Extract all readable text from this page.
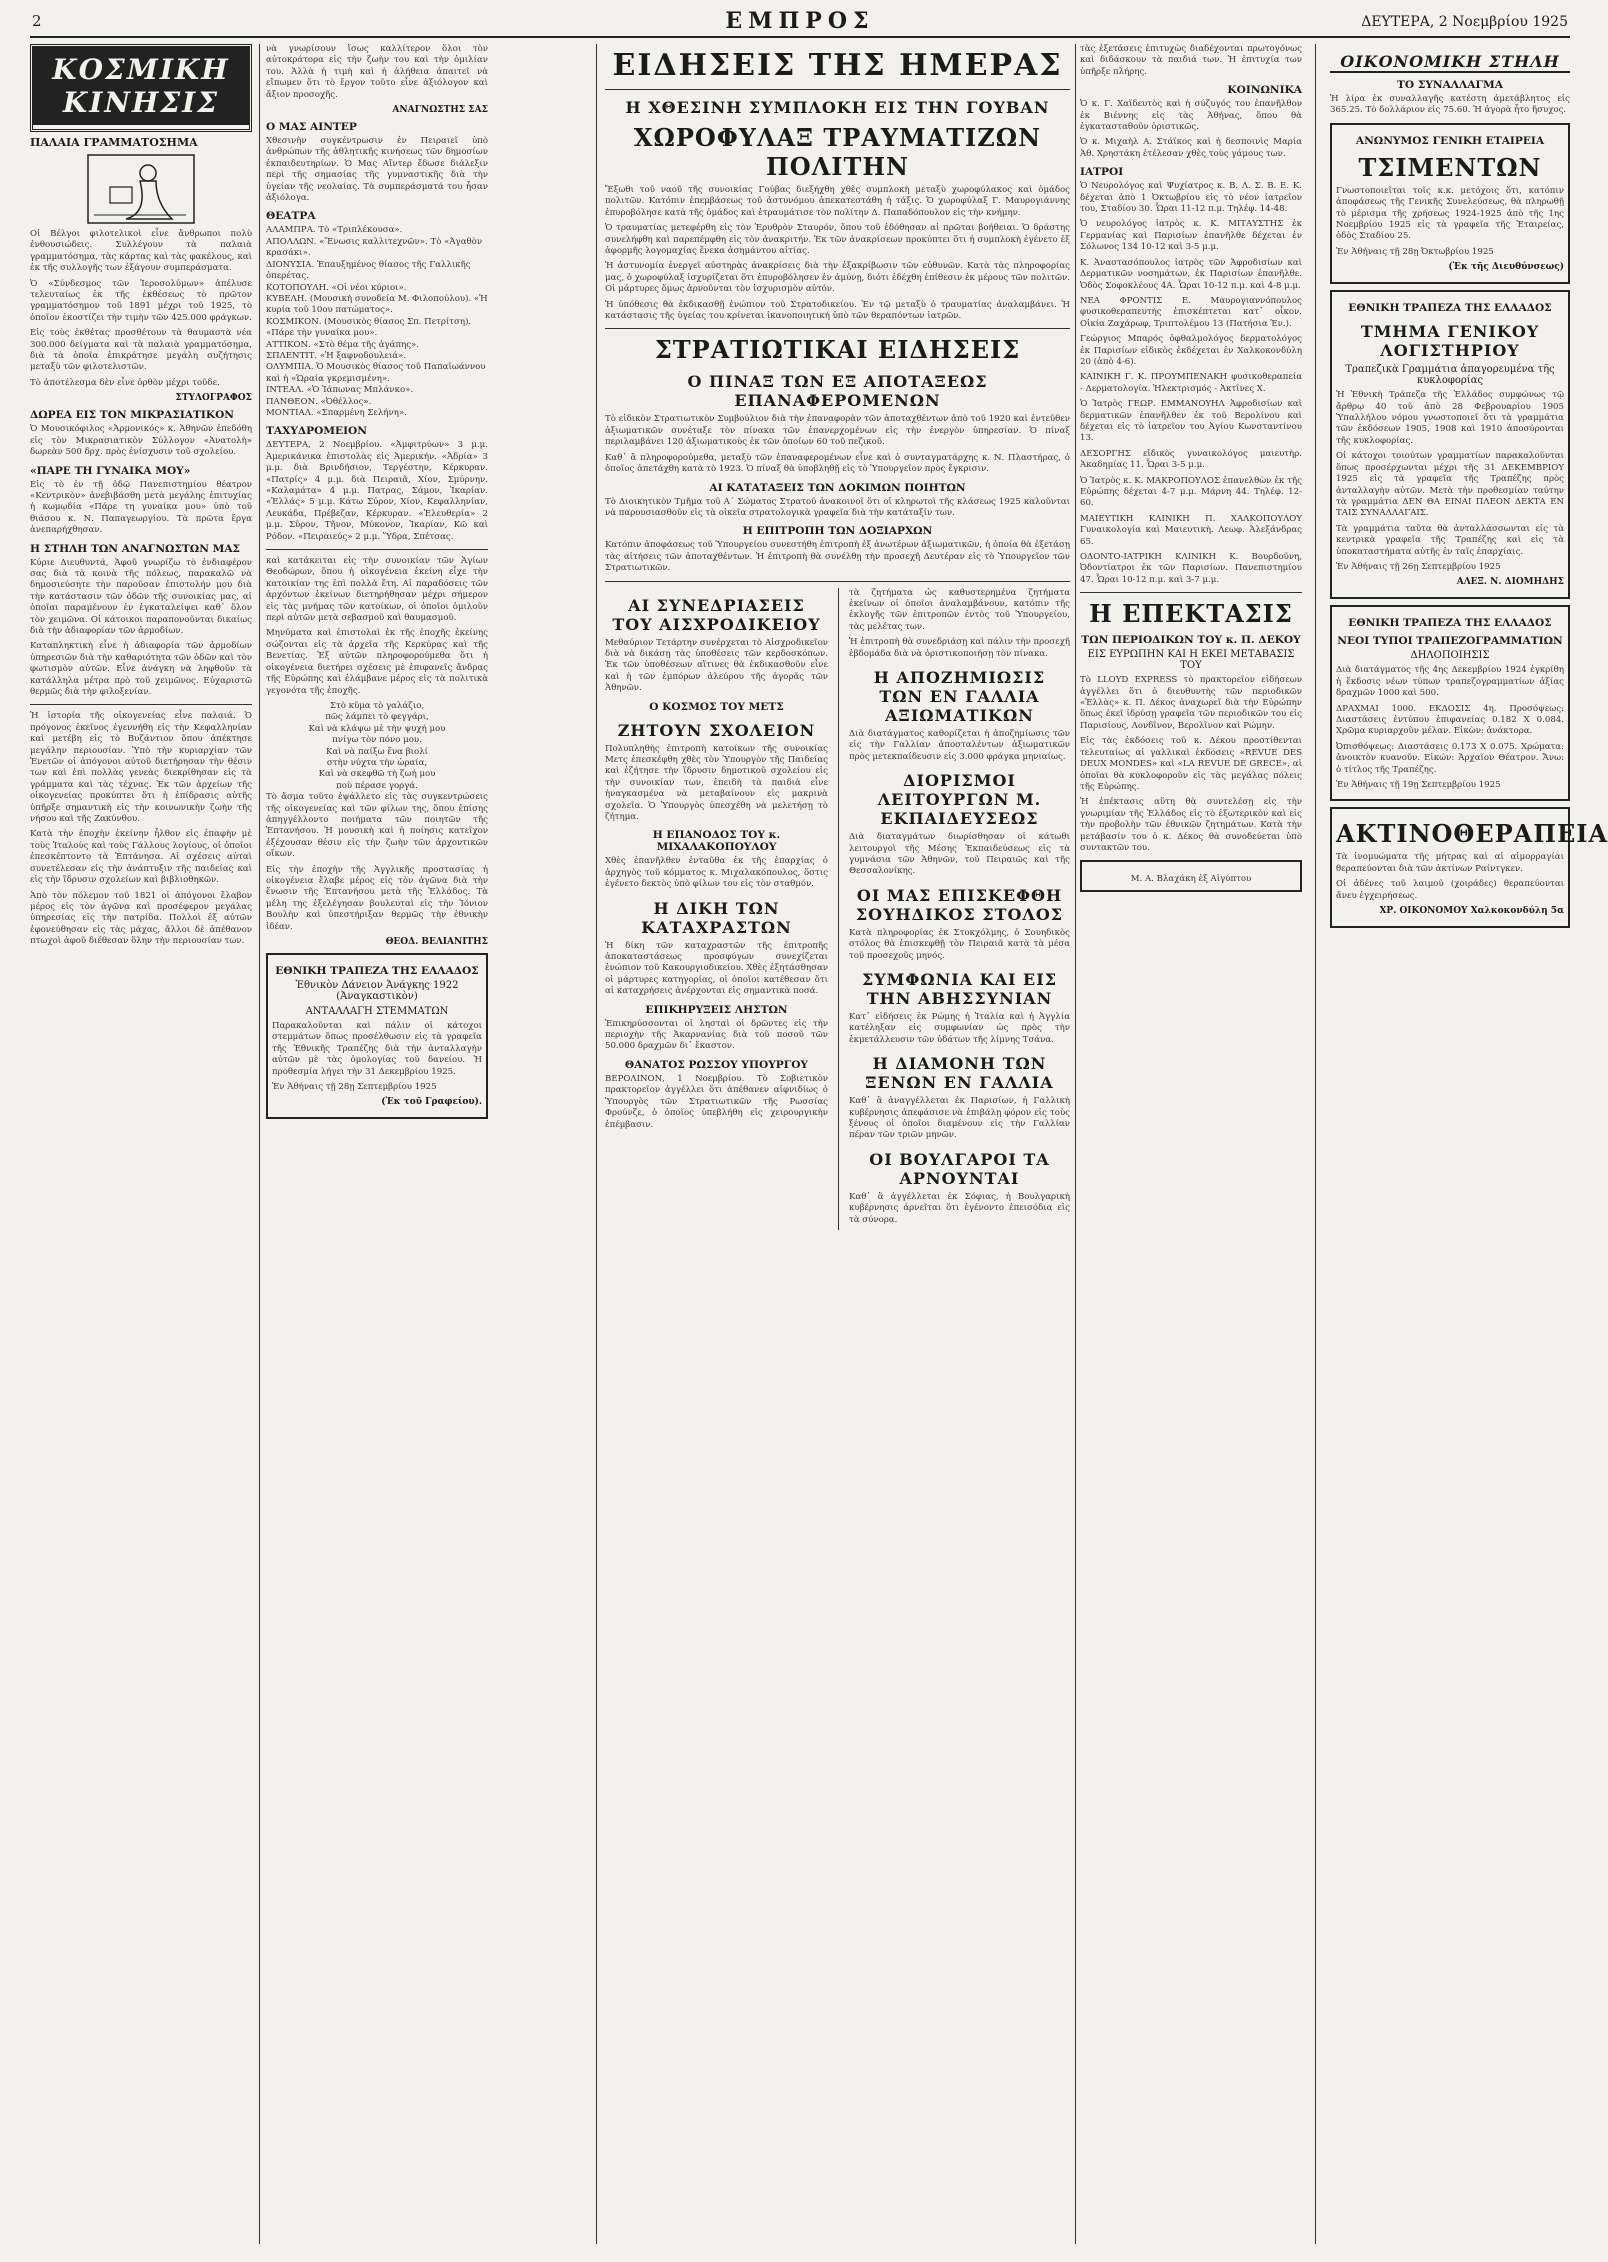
2	ΕΜΠΡΟΣ	ΔΕΥΤΕΡΑ, 2 Νοεμβρίου 1925
ΚΟΣΜΙΚΗ ΚΙΝΗΣΙΣ
ΠΑΛΑΙΑ ΓΡΑΜΜΑΤΟΣΗΜΑ

Οἱ Βέλγοι φιλοτελικοὶ εἶνε ἄνθρωποι πολὺ ἐνθουσιώδεις. Συλλέγουν τὰ παλαιὰ γραμματόσημα, τὰς κάρτας καὶ τὰς φακέλους, καὶ ἐκ τῆς συλλογῆς των ἐξάγουν συμπεράσματα.

Ὁ «Σύνδεσμος τῶν Ἱεροσολύμων» ἀπέλυσε τελευταίως ἐκ τῆς ἐκθέσεως τὸ πρῶτον γραμματόσημον τοῦ 1891 μέχρι τοῦ 1925, τὸ ὁποῖον ἐκοστίζει τὴν τιμὴν τῶν 425.000 φράγκων.

Εἰς τοὺς ἐκθέτας προσθέτουν τὰ θαυμαστὰ νέα 300.000 δείγματα καὶ τὰ παλαιὰ γραμματόσημα, διὰ τὰ ὁποῖα ἐπικράτησε μεγάλη συζήτησις μεταξὺ τῶν φιλοτελιστῶν.

Τὸ ἀποτέλεσμα δὲν εἶνε ὀρθὸν μέχρι τοῦδε.

ΣΤΥΛΟΓΡΑΦΟΣ
ΔΩΡΕΑ ΕΙΣ ΤΟΝ ΜΙΚΡΑΣΙΑΤΙΚΟΝ

Ὁ Μουσικόφιλος «Ἀρμονικός» κ. Ἀθηνῶν ἐπεδόθη εἰς τὸν Μικρασιατικὸν Σύλλογον «Ἀνατολὴ» δωρεὰν 500 δρχ. πρὸς ἐνίσχυσιν τοῦ σχολείου.

«ΠΑΡΕ ΤΗ ΓΥΝΑΙΚΑ ΜΟΥ»

Εἰς τὸ ἐν τῇ ὁδῷ Πανεπιστημίου θέατρον «Κεντρικὸν» ἀνεβιβάσθη μετὰ μεγάλης ἐπιτυχίας ἡ κωμῳδία «Πάρε τη γυναίκα μου» ὑπὸ τοῦ θιάσου κ. Ν. Παπαγεωργίου. Τὰ πρῶτα ἔργα ἀνεπαρήχθησαν.

Η ΣΤΗΛΗ ΤΩΝ ΑΝΑΓΝΩΣΤΩΝ ΜΑΣ

Κύριε Διευθυντά, Ἀφοῦ γνωρίζω τὸ ἐνδιαφέρον σας διὰ τὰ κοινὰ τῆς πόλεως, παρακαλῶ νὰ δημοσιεύσητε τὴν παροῦσαν ἐπιστολήν μου διὰ τὴν κατάστασιν τῶν ὁδῶν τῆς συνοικίας μας, αἱ ὁποῖαι παραμένουν ἐν ἐγκαταλείψει καθ᾽ ὅλον τὸν χειμῶνα. Οἱ κάτοικοι παραπονοῦνται δικαίως διὰ τὴν ἀδιαφορίαν τῶν ἁρμοδίων.

Καταπληκτικὴ εἶνε ἡ ἀδιαφορία τῶν ἀρμοδίων ὑπηρεσιῶν διὰ τὴν καθαριότητα τῶν ὁδῶν καὶ τὸν φωτισμὸν αὐτῶν. Εἶνε ἀνάγκη νὰ ληφθοῦν τὰ κατάλληλα μέτρα πρὸ τοῦ χειμῶνος. Εὐχαριστῶ θερμῶς διὰ τὴν φιλοξενίαν.

Ἡ ἱστορία τῆς οἰκογενείας εἶνε παλαιά. Ὁ πρόγονος ἐκεῖνος ἐγεννήθη εἰς τὴν Κεφαλληνίαν καὶ μετέβη εἰς τὸ Βυζάντιον ὅπου ἀπέκτησε μεγάλην περιουσίαν. Ὑπὸ τὴν κυριαρχίαν τῶν Ἑνετῶν οἱ ἀπόγονοι αὐτοῦ διετήρησαν τὴν θέσιν των καὶ ἐπὶ πολλὰς γενεὰς διεκρίθησαν εἰς τὰ γράμματα καὶ τὰς τέχνας. Ἐκ τῶν ἀρχείων τῆς οἰκογενείας προκύπτει ὅτι ἡ ἐπίδρασις αὐτῆς ὑπῆρξε σημαντικὴ εἰς τὴν κοινωνικὴν ζωὴν τῆς νήσου καὶ τῆς Ζακύνθου.

Κατὰ τὴν ἐποχὴν ἐκείνην ἦλθον εἰς ἐπαφὴν μὲ τοὺς Ἰταλοὺς καὶ τοὺς Γάλλους λογίους, οἱ ὁποῖοι ἐπεσκέπτοντο τὰ Ἑπτάνησα. Αἱ σχέσεις αὐταὶ συνετέλεσαν εἰς τὴν ἀνάπτυξιν τῆς παιδείας καὶ εἰς τὴν ἵδρυσιν σχολείων καὶ βιβλιοθηκῶν.

Ἀπὸ τὸν πόλεμον τοῦ 1821 οἱ ἀπόγονοι ἔλαβον μέρος εἰς τὸν ἀγῶνα καὶ προσέφερον μεγάλας ὑπηρεσίας εἰς τὴν πατρίδα. Πολλοὶ ἐξ αὐτῶν ἐφονεύθησαν εἰς τὰς μάχας, ἄλλοι δὲ ἀπέθανον πτωχοὶ ἀφοῦ διέθεσαν ὅλην τὴν περιουσίαν των.

νὰ γνωρίσουν ἴσως καλλίτερον ὅλοι τὸν αὐτοκράτορα εἰς τὴν ζωὴν του καὶ τὴν ὁμιλίαν του. Ἀλλὰ ἡ τιμὴ καὶ ἡ ἀλήθεια ἀπαιτεῖ νὰ εἴπωμεν ὅτι τὸ ἔργον τοῦτο εἶνε ἀξιόλογον καὶ ἄξιον προσοχῆς.

ΑΝΑΓΝΩΣΤΗΣ ΣΑΣ
Ο ΜΑΣ ΑΙΝΤΕΡ

Χθεσινὴν συγκέντρωσιν ἐν Πειραιεῖ ὑπὸ ἀνθρώπων τῆς ἀθλητικῆς κινήσεως τῶν δημοσίων ἐκπαιδευτηρίων. Ὁ Μας Αἴντερ ἔδωσε διάλεξιν περὶ τῆς σημασίας τῆς γυμναστικῆς διὰ τὴν ὑγείαν τῆς νεολαίας. Τὰ συμπεράσματά του ἦσαν ἀξιόλογα.

ΘΕΑΤΡΑ

ΑΛΑΜΠΡΑ. Τὸ «Τριπλέκουσα».

ΑΠΟΛΛΩΝ. «Ἕνωσις καλλιτεχνῶν». Τὸ «Ἀγαθὸν κρασάκι».

ΔΙΟΝΥΣΙΑ. Ἐπαυξημένος θίασος τῆς Γαλλικῆς ὀπερέτας.

ΚΟΤΟΠΟΥΛΗ. «Οἱ νέοι κύριοι».

ΚΥΒΕΛΗ. (Μουσικὴ συνοδεία Μ. Φιλοπούλου). «Ἡ κυρία τοῦ 10ου πατώματος».

ΚΟΣΜΙΚΟΝ. (Μουσικὸς θίασος Σπ. Πετρίτση). «Πάρε τὴν γυναίκα μου».

ΑΤΤΙΚΟΝ. «Στὸ θέμα τῆς ἀγάπης».

ΣΠΛΕΝΤΙΤ. «Ἡ ξαφνοδουλειά».

ΟΛΥΜΠΙΑ. Ὁ Μουσικὸς θίασος τοῦ Παπαϊωάννου καὶ ἡ «Ὡραία γκρεμισμένη».

ΙΝΤΕΑΛ. «Ὁ Ἰάπωνας Μπλάνκο».

ΠΑΝΘΕΟΝ. «Ὀθέλλος».

ΜΟΝΤΙΑΛ. «Σπαρμένη Σελήνη».

ΤΑΧΥΔΡΟΜΕΙΟΝ

ΔΕΥΤΕΡΑ, 2 Νοεμβρίου. «Ἀμφιτρύων» 3 μ.μ. Ἀμερικάνικα ἐπιστολὰς εἰς Ἀμερικήν. «Ἀδρία» 3 μ.μ. διὰ Βρινδήσιον, Τεργέστην, Κέρκυραν. «Πατρίς» 4 μ.μ. διὰ Πειραιᾶ, Χίον, Σμύρνην. «Καλαμάτα» 4 μ.μ. Πατρας, Σάμον, Ἰκαρίαν. «Ἑλλάς» 5 μ.μ. Κάτω Σύρον, Χίον, Κεφαλληνίαν, Λευκάδα, Πρέβεζαν, Κέρκυραν. «Ἐλευθερία» 2 μ.μ. Σῦρον, Τῆνον, Μύκονον, Ἰκαρίαν, Κῶ καὶ Ρόδον. «Πειραιεύς» 2 μ.μ. Ὕδρα, Σπέτσας.

καὶ κατάκειται εἰς τὴν συνοικίαν τῶν Ἀγίων Θεοδώρων, ὅπου ἡ οἰκογένεια ἐκείνη εἶχε τὴν κατοικίαν της ἐπὶ πολλὰ ἔτη. Αἱ παραδόσεις τῶν ἀρχόντων ἐκείνων διετηρήθησαν μέχρι σήμερον εἰς τὰς μνήμας τῶν κατοίκων, οἱ ὁποῖοι ὁμιλοῦν περὶ αὐτῶν μετὰ σεβασμοῦ καὶ θαυμασμοῦ.

Μηνύματα καὶ ἐπιστολαὶ ἐκ τῆς ἐποχῆς ἐκείνης σώζονται εἰς τὰ ἀρχεῖα τῆς Κερκύρας καὶ τῆς Βενετίας. Ἐξ αὐτῶν πληροφορούμεθα ὅτι ἡ οἰκογένεια διετήρει σχέσεις μὲ ἐπιφανεῖς ἄνδρας τῆς Εὐρώπης καὶ ἐλάμβανε μέρος εἰς τὰ πολιτικὰ γεγονότα τῆς ἐποχῆς.

Στὸ κῦμα τὸ γαλάζιο,

πῶς λάμπει τὸ φεγγάρι,

Καὶ νὰ κλάψω μὲ τὴν ψυχή μου

πνίγω τὸν πόνο μου.

Καὶ νὰ παίξω ἕνα βιολί

στὴν νύχτα τὴν ὡραία,

Καὶ νὰ σκεφθῶ τὴ ζωή μου

ποὺ πέρασε γοργά.

Τὸ ἄσμα τοῦτο ἐψάλλετο εἰς τὰς συγκεντρώσεις τῆς οἰκογενείας καὶ τῶν φίλων της, ὅπου ἐπίσης ἀπηγγέλλοντο ποιήματα τῶν ποιητῶν τῆς Ἑπτανήσου. Ἡ μουσικὴ καὶ ἡ ποίησις κατεῖχον ἐξέχουσαν θέσιν εἰς τὴν ζωὴν τῶν ἀρχοντικῶν οἴκων.

Εἰς τὴν ἐποχὴν τῆς Ἀγγλικῆς προστασίας ἡ οἰκογένεια ἔλαβε μέρος εἰς τὸν ἀγῶνα διὰ τὴν ἕνωσιν τῆς Ἑπτανήσου μετὰ τῆς Ἑλλάδος. Τὰ μέλη της ἐξελέγησαν βουλευταὶ εἰς τὴν Ἰόνιον Βουλὴν καὶ ὑπεστήριξαν θερμῶς τὴν ἐθνικὴν ἰδέαν.

ΘΕΟΔ. ΒΕΛΙΑΝΙΤΗΣ
ΕΘΝΙΚΗ ΤΡΑΠΕΖΑ ΤΗΣ ΕΛΛΑΔΟΣ
Ἐθνικὸν Δάνειον Ἀνάγκης 1922 (Ἀναγκαστικὸν)
ΑΝΤΑΛΛΑΓΗ ΣΤΕΜΜΑΤΩΝ

Παρακαλοῦνται καὶ πάλιν οἱ κάτοχοι στεμμάτων ὅπως προσέλθωσιν εἰς τὰ γραφεῖα τῆς Ἐθνικῆς Τραπέζης διὰ τὴν ἀνταλλαγὴν αὐτῶν μὲ τὰς ὁμολογίας τοῦ δανείου. Ἡ προθεσμία λήγει τὴν 31 Δεκεμβρίου 1925.

Ἐν Ἀθήναις τῇ 28ῃ Σεπτεμβρίου 1925

(Ἐκ τοῦ Γραφείου).
ΕΙΔΗΣΕΙΣ ΤΗΣ ΗΜΕΡΑΣ
Η ΧΘΕΣΙΝΗ ΣΥΜΠΛΟΚΗ ΕΙΣ ΤΗΝ ΓΟΥΒΑΝ
ΧΩΡΟΦΥΛΑΞ ΤΡΑΥΜΑΤΙΖΩΝ ΠΟΛΙΤΗΝ

Ἔξωθι τοῦ ναοῦ τῆς συνοικίας Γούβας διεξήχθη χθὲς συμπλοκὴ μεταξὺ χωροφύλακος καὶ ὁμάδος πολιτῶν. Κατόπιν ἐπεμβάσεως τοῦ ἀστυνόμου ἀπεκατεστάθη ἡ τάξις. Ὁ χωροφύλαξ Γ. Μαυρογιάννης ἐπυροβόλησε κατὰ τῆς ὁμάδος καὶ ἐτραυμάτισε τὸν πολίτην Δ. Παπαδόπουλον εἰς τὴν κνήμην.

Ὁ τραυματίας μετεφέρθη εἰς τὸν Ἐρυθρὸν Σταυρόν, ὅπου τοῦ ἐδόθησαν αἱ πρῶται βοήθειαι. Ὁ δράστης συνελήφθη καὶ παρεπέμφθη εἰς τὸν ἀνακριτήν. Ἐκ τῶν ἀνακρίσεων προκύπτει ὅτι ἡ συμπλοκὴ ἐγένετο ἐξ ἀφορμῆς λογομαχίας ἕνεκα ἀσημάντου αἰτίας.

Ἡ ἀστυνομία ἐνεργεῖ αὐστηρὰς ἀνακρίσεις διὰ τὴν ἐξακρίβωσιν τῶν εὐθυνῶν. Κατὰ τὰς πληροφορίας μας, ὁ χωροφύλαξ ἰσχυρίζεται ὅτι ἐπυροβόλησεν ἐν ἀμύνῃ, διότι ἐδέχθη ἐπίθεσιν ἐκ μέρους τῶν πολιτῶν. Οἱ μάρτυρες ὅμως ἀρνοῦνται τὸν ἰσχυρισμὸν αὐτόν.

Ἡ ὑπόθεσις θὰ ἐκδικασθῇ ἐνώπιον τοῦ Στρατοδικείου. Ἐν τῷ μεταξὺ ὁ τραυματίας ἀναλαμβάνει. Ἡ κατάστασις τῆς ὑγείας του κρίνεται ἱκανοποιητική ὑπὸ τῶν θεραπόντων ἰατρῶν.

ΣΤΡΑΤΙΩΤΙΚΑΙ ΕΙΔΗΣΕΙΣ
Ο ΠΙΝΑΞ ΤΩΝ ΕΞ ΑΠΟΤΑΞΕΩΣ ΕΠΑΝΑΦΕΡΟΜΕΝΩΝ

Τὸ εἰδικὸν Στρατιωτικὸν Συμβούλιον διὰ τὴν ἐπαναφορὰν τῶν ἀποταχθέντων ἀπὸ τοῦ 1920 καὶ ἐντεῦθεν ἀξιωματικῶν συνέταξε τὸν πίνακα τῶν ἐπανερχομένων εἰς τὴν ἐνεργὸν ὑπηρεσίαν. Ὁ πίναξ περιλαμβάνει 120 ἀξιωματικοὺς ἐκ τῶν ὁποίων 60 τοῦ πεζικοῦ.

Καθ᾽ ἃ πληροφορούμεθα, μεταξὺ τῶν ἐπαναφερομένων εἶνε καὶ ὁ συνταγματάρχης κ. Ν. Πλαστήρας, ὁ ὁποῖος ἀπετάχθη κατὰ τὸ 1923. Ὁ πίναξ θὰ ὑποβληθῇ εἰς τὸ Ὑπουργεῖον πρὸς ἔγκρισιν.

ΑΙ ΚΑΤΑΤΑΞΕΙΣ ΤΩΝ ΔΟΚΙΜΩΝ ΠΟΙΗΤΩΝ

Τὸ Διοικητικὸν Τμῆμα τοῦ Α΄ Σώματος Στρατοῦ ἀνακοινοῖ ὅτι οἱ κληρωτοὶ τῆς κλάσεως 1925 καλοῦνται νὰ παρουσιασθοῦν εἰς τὰ οἰκεῖα στρατολογικὰ γραφεῖα διὰ τὴν κατάταξίν των.

Η ΕΠΙΤΡΟΠΗ ΤΩΝ ΔΟΞΙΑΡΧΩΝ

Κατόπιν ἀποφάσεως τοῦ Ὑπουργείου συνεστήθη ἐπιτροπὴ ἐξ ἀνωτέρων ἀξιωματικῶν, ἡ ὁποία θὰ ἐξετάσῃ τὰς αἰτήσεις τῶν ἀποταχθέντων. Ἡ ἐπιτροπὴ θὰ συνέλθῃ τὴν προσεχῆ Δευτέραν εἰς τὸ Ὑπουργεῖον τῶν Στρατιωτικῶν.

ΑΙ ΣΥΝΕΔΡΙΑΣΕΙΣ ΤΟΥ ΑΙΣΧΡΟΔΙΚΕΙΟΥ

Μεθαύριον Τετάρτην συνέρχεται τὸ Αἰσχροδικεῖον διὰ νὰ δικάσῃ τὰς ὑποθέσεις τῶν κερδοσκόπων. Ἐκ τῶν ὑποθέσεων αἵτινες θὰ ἐκδικασθοῦν εἶνε καὶ ἡ τῶν ἐμπόρων ἀλεύρου τῆς ἀγορᾶς τῶν Ἀθηνῶν.

Ο ΚΟΣΜΟΣ ΤΟΥ ΜΕΤΣ
ΖΗΤΟΥΝ ΣΧΟΛΕΙΟΝ

Πολυπληθὴς ἐπιτροπὴ κατοίκων τῆς συνοικίας Μετς ἐπεσκέφθη χθὲς τὸν Ὑπουργὸν τῆς Παιδείας καὶ ἐζήτησε τὴν ἵδρυσιν δημοτικοῦ σχολείου εἰς τὴν συνοικίαν των, ἐπειδὴ τὰ παιδιὰ εἶνε ἠναγκασμένα νὰ μεταβαίνουν εἰς μακρινὰ σχολεῖα. Ὁ Ὑπουργὸς ὑπεσχέθη νὰ μελετήσῃ τὸ ζήτημα.

Η ΕΠΑΝΟΔΟΣ ΤΟΥ κ. ΜΙΧΑΛΑΚΟΠΟΥΛΟΥ

Χθὲς ἐπανῆλθεν ἐνταῦθα ἐκ τῆς ἐπαρχίας ὁ ἀρχηγὸς τοῦ κόμματος κ. Μιχαλακόπουλος, ὅστις ἐγένετο δεκτὸς ὑπὸ φίλων του εἰς τὸν σταθμόν.

Η ΔΙΚΗ ΤΩΝ ΚΑΤΑΧΡΑΣΤΩΝ

Ἡ δίκη τῶν καταχραστῶν τῆς ἐπιτροπῆς ἀποκαταστάσεως προσφύγων συνεχίζεται ἐνώπιον τοῦ Κακουργιοδικείου. Χθὲς ἐξητάσθησαν οἱ μάρτυρες κατηγορίας, οἱ ὁποῖοι κατέθεσαν ὅτι αἱ καταχρήσεις ἀνέρχονται εἰς σημαντικὰ ποσά.

ΕΠΙΚΗΡΥΞΕΙΣ ΛΗΣΤΩΝ

Ἐπικηρύσσονται οἱ λησταὶ οἱ δρῶντες εἰς τὴν περιοχὴν τῆς Ἀκαρνανίας διὰ τοῦ ποσοῦ τῶν 50.000 δραχμῶν δι᾽ ἕκαστον.

ΘΑΝΑΤΟΣ ΡΩΣΣΟΥ ΥΠΟΥΡΓΟΥ

ΒΕΡΟΛΙΝΟΝ, 1 Νοεμβρίου. Τὸ Σοβιετικὸν πρακτορεῖον ἀγγέλλει ὅτι ἀπέθανεν αἰφνιδίως ὁ Ὑπουργὸς τῶν Στρατιωτικῶν τῆς Ρωσσίας Φρούνζε, ὁ ὁποῖος ὑπεβλήθη εἰς χειρουργικὴν ἐπέμβασιν.

τὰ ζητήματα ὡς καθυστερημένα ζητήματα ἐκείνων οἱ ὁποῖοι ἀναλαμβάνουν, κατόπιν τῆς ἐκλογῆς τῶν ἐπιτροπῶν ἐντὸς τοῦ Ὑπουργείου, τὰς μελέτας των.

Ἡ ἐπιτροπὴ θὰ συνεδριάσῃ καὶ πάλιν τὴν προσεχῆ ἑβδομάδα διὰ νὰ ὁριστικοποιήσῃ τὸν πίνακα.

Η ΑΠΟΖΗΜΙΩΣΙΣ ΤΩΝ ΕΝ ΓΑΛΛΙΑ ΑΞΙΩΜΑΤΙΚΩΝ

Διὰ διατάγματος καθορίζεται ἡ ἀποζημίωσις τῶν εἰς τὴν Γαλλίαν ἀποσταλέντων ἀξιωματικῶν πρὸς μετεκπαίδευσιν εἰς 3.000 φράγκα μηνιαίως.

ΔΙΟΡΙΣΜΟΙ ΛΕΙΤΟΥΡΓΩΝ Μ. ΕΚΠΑΙΔΕΥΣΕΩΣ

Διὰ διαταγμάτων διωρίσθησαν οἱ κάτωθι λειτουργοὶ τῆς Μέσης Ἐκπαιδεύσεως εἰς τὰ γυμνάσια τῶν Ἀθηνῶν, τοῦ Πειραιῶς καὶ τῆς Θεσσαλονίκης.

ΟΙ ΜΑΣ ΕΠΙΣΚΕΦΘΗ ΣΟΥΗΔΙΚΟΣ ΣΤΟΛΟΣ

Κατὰ πληροφορίας ἐκ Στοκχόλμης, ὁ Σουηδικὸς στόλος θὰ ἐπισκεφθῇ τὸν Πειραιᾶ κατὰ τὰ μέσα τοῦ προσεχοῦς μηνός.

ΣΥΜΦΩΝΙΑ ΚΑΙ ΕΙΣ ΤΗΝ ΑΒΗΣΣΥΝΙΑΝ

Κατ᾽ εἰδήσεις ἐκ Ρώμης ἡ Ἰταλία καὶ ἡ Ἀγγλία κατέληξαν εἰς συμφωνίαν ὡς πρὸς τὴν ἐκμετάλλευσιν τῶν ὑδάτων τῆς λίμνης Τσάνα.

Η ΔΙΑΜΟΝΗ ΤΩΝ ΞΕΝΩΝ ΕΝ ΓΑΛΛΙΑ

Καθ᾽ ἃ ἀναγγέλλεται ἐκ Παρισίων, ἡ Γαλλικὴ κυβέρνησις ἀπεφάσισε νὰ ἐπιβάλῃ φόρον εἰς τοὺς ξένους οἱ ὁποῖοι διαμένουν εἰς τὴν Γαλλίαν πέραν τῶν τριῶν μηνῶν.

ΟΙ ΒΟΥΛΓΑΡΟΙ ΤΑ ΑΡΝΟΥΝΤΑΙ

Καθ᾽ ἃ ἀγγέλλεται ἐκ Σόφιας, ἡ Βουλγαρικὴ κυβέρνησις ἀρνεῖται ὅτι ἐγένοντο ἐπεισόδια εἰς τὰ σύνορα.

τὰς ἐξετάσεις ἐπιτυχὼς διαδέχονται πρωτογόνως καὶ διδάσκουν τὰ παιδιά των. Ἡ ἐπιτυχία των ὑπῆρξε πλήρης.

ΚΟΙΝΩΝΙΚΑ

Ὁ κ. Γ. Χαϊδευτὸς καὶ ἡ σύζυγός του ἐπανῆλθον ἐκ Βιέννης εἰς τὰς Ἀθήνας, ὅπου θὰ ἐγκατασταθοῦν ὁριστικῶς.

Ὁ κ. Μιχαὴλ Α. Στάϊκος καὶ ἡ δεσποινὶς Μαρία Ἀθ. Χρηστάκη ἐτέλεσαν χθὲς τοὺς γάμους των.

ΙΑΤΡΟΙ

Ὁ Νευρολόγος καὶ Ψυχίατρος κ. Β. Λ. Σ. Β. Ε. Κ. δέχεται ἀπὸ 1 Ὀκτωβρίου εἰς τὸ νέον ἰατρεῖον του, Σταδίου 30. Ὧραι 11-12 π.μ. Τηλέφ. 14-48.

Ὁ νευρολόγος ἰατρὸς κ. Κ. ΜΙΤΑΥΣΤΗΣ ἐκ Γερμανίας καὶ Παρισίων ἐπανῆλθε δέχεται ἐν Σόλωνος 134 10-12 καὶ 3-5 μ.μ.

Κ. Ἀναστασόπουλος ἰατρὸς τῶν Ἀφροδισίων καὶ Δερματικῶν νοσημάτων, ἐκ Παρισίων ἐπανῆλθε. Ὁδὸς Σοφοκλέους 4Α. Ὧραι 10-12 π.μ. καὶ 4-8 μ.μ.

ΝΕΑ ΦΡΟΝΤΙΣ Ε. Μαυρογιαννόπουλος φυσικοθεραπευτὴς ἐπισκέπτεται κατ᾽ οἶκον. Οἰκία Ζαχάρωφ, Τριπτολέμου 13 (Πατήσια Ἐν.).

Γεώργιος Μπαρός ὀφθαλμολόγος δερματολόγος ἐκ Παρισίων εἰδικὸς ἐκδέχεται ἐν Χαλκοκονδύλη 20 (ἀπὸ 4-6).

ΚΑΙΝΙΚΗ Γ. Κ. ΠΡΟΥΜΠΕΝΑΚΗ φυσικοθεραπεία - Δερματολογία. Ἠλεκτρισμός - Ἀκτῖνες Χ.

Ὁ Ἰατρὸς ΓΕΩΡ. ΕΜΜΑΝΟΥΗΛ Ἀφροδισίων καὶ δερματικῶν ἐπανῆλθεν ἐκ τοῦ Βερολίνου καὶ δέχεται εἰς τὸ ἰατρεῖον του Ἀγίου Κωνσταντίνου 13.

ΔΕΣΟΡΓΗΣ εἰδικὸς γυναικολόγος μαιευτὴρ. Ἀκαδημίας 11. Ὧραι 3-5 μ.μ.

Ὁ Ἰατρὸς κ. Κ. ΜΑΚΡΟΠΟΥΛΟΣ ἐπανελθὼν ἐκ τῆς Εὐρώπης δέχεται 4-7 μ.μ. Μάρνη 44. Τηλέφ. 12-60.

ΜΑΙΕΥΤΙΚΗ ΚΛΙΝΙΚΗ Π. ΧΑΛΚΟΠΟΥΛΟΥ Γυναικολογία καὶ Μαιευτικὴ. Λεωφ. Ἀλεξάνδρας 65.

ΟΔΟΝΤΟ-ΙΑΤΡΙΚΗ ΚΛΙΝΙΚΗ Κ. Βουρδοῦνη, Ὀδοντίατροι ἐκ τῶν Παρισίων. Πανεπιστημίου 47. Ὧραι 10-12 π.μ. καὶ 3-7 μ.μ.

Η ΕΠΕΚΤΑΣΙΣ
ΤΩΝ ΠΕΡΙΟΔΙΚΩΝ ΤΟΥ κ. Π. ΔΕΚΟΥ
ΕΙΣ ΕΥΡΩΠΗΝ ΚΑΙ Η ΕΚΕΙ ΜΕΤΑΒΑΣΙΣ ΤΟΥ

Τὸ LLOYD EXPRESS τὸ πρακτορεῖον εἰδήσεων ἀγγέλλει ὅτι ὁ διευθυντὴς τῶν περιοδικῶν «Ἑλλὰς» κ. Π. Δέκος ἀναχωρεῖ διὰ τὴν Εὐρώπην ὅπως ἐκεῖ ἱδρύσῃ γραφεῖα τῶν περιοδικῶν του εἰς Παρισίους, Λονδῖνον, Βερολῖνον καὶ Ρώμην.

Εἰς τὰς ἐκδόσεις τοῦ κ. Δέκου προστίθενται τελευταίως αἱ γαλλικαὶ ἐκδόσεις «REVUE DES DEUX MONDES» καὶ «LA REVUE DE GRECE», αἱ ὁποῖαι θὰ κυκλοφοροῦν εἰς τὰς μεγάλας πόλεις τῆς Εὐρώπης.

Ἡ ἐπέκτασις αὕτη θὰ συντελέσῃ εἰς τὴν γνωριμίαν τῆς Ἑλλάδος εἰς τὸ ἐξωτερικὸν καὶ εἰς τὴν προβολὴν τῶν ἐθνικῶν ζητημάτων. Κατὰ τὴν μετάβασίν του ὁ κ. Δέκος θὰ συνοδεύεται ὑπὸ συντακτῶν του.

Μ. Α. Βλαχάκη ἐξ Αἰγύπτου
ΟΙΚΟΝΟΜΙΚΗ ΣΤΗΛΗ
ΤΟ ΣΥΝΑΛΛΑΓΜΑ

Ἡ λίρα ἐκ συναλλαγῆς κατέστη ἀμετάβλητος εἰς 365.25. Τὸ δολλάριον εἰς 75.60. Ἡ ἀγορὰ ἦτο ἥσυχος.

ΑΝΩΝΥΜΟΣ ΓΕΝΙΚΗ ΕΤΑΙΡΕΙΑ
ΤΣΙΜΕΝΤΩΝ

Γνωστοποιεῖται τοῖς κ.κ. μετόχοις ὅτι, κατόπιν ἀποφάσεως τῆς Γενικῆς Συνελεύσεως, θὰ πληρωθῇ τὸ μέρισμα τῆς χρήσεως 1924-1925 ἀπὸ τῆς 1ης Νοεμβρίου 1925 εἰς τὰ γραφεῖα τῆς Ἑταιρείας, ὁδὸς Σταδίου 25.

Ἐν Ἀθήναις τῇ 28ῃ Ὀκτωβρίου 1925

(Ἐκ τῆς Διευθύνσεως)
ΕΘΝΙΚΗ ΤΡΑΠΕΖΑ ΤΗΣ ΕΛΛΑΔΟΣ
ΤΜΗΜΑ ΓΕΝΙΚΟΥ ΛΟΓΙΣΤΗΡΙΟΥ
Τραπεζικὰ Γραμμάτια ἀπαγορευμένα τῆς κυκλοφορίας

Ἡ Ἐθνικὴ Τράπεζα τῆς Ἑλλάδος συμφώνως τῷ ἄρθρῳ 40 τοῦ ἀπὸ 28 Φεβρουαρίου 1905 Ὑπαλλήλου νόμου γνωστοποιεῖ ὅτι τὰ γραμμάτια τῶν ἐκδόσεων 1905, 1908 καὶ 1910 ἀποσύρονται τῆς κυκλοφορίας.

Οἱ κάτοχοι τοιούτων γραμματίων παρακαλοῦνται ὅπως προσέρχωνται μέχρι τῆς 31 ΔΕΚΕΜΒΡΙΟΥ 1925 εἰς τὰ γραφεῖα τῆς Τραπέζης πρὸς ἀνταλλαγὴν αὐτῶν. Μετὰ τὴν προθεσμίαν ταύτην τὰ γραμμάτια ΔΕΝ ΘΑ ΕΙΝΑΙ ΠΛΕΟΝ ΔΕΚΤΑ ΕΝ ΤΑΙΣ ΣΥΝΑΛΛΑΓΑΙΣ.

Τὰ γραμμάτια ταῦτα θὰ ἀνταλλάσσωνται εἰς τὰ κεντρικὰ γραφεῖα τῆς Τραπέζης καὶ εἰς τὰ ὑποκαταστήματα αὐτῆς ἐν ταῖς ἐπαρχίαις.

Ἐν Ἀθήναις τῇ 26ῃ Σεπτεμβρίου 1925

ΑΛΕΞ. Ν. ΔΙΟΜΗΔΗΣ
ΕΘΝΙΚΗ ΤΡΑΠΕΖΑ ΤΗΣ ΕΛΛΑΔΟΣ
ΝΕΟΙ ΤΥΠΟΙ ΤΡΑΠΕΖΟΓΡΑΜΜΑΤΙΩΝ
ΔΗΛΟΠΟΙΗΣΙΣ

Διὰ διατάγματος τῆς 4ης Δεκεμβρίου 1924 ἐγκρίθη ἡ ἔκδοσις νέων τύπων τραπεζογραμματίων ἀξίας δραχμῶν 1000 καὶ 500.

ΔΡΑΧΜΑΙ 1000. ΕΚΔΟΣΙΣ 4η. Προσόψεως: Διαστάσεις ἐντύπου ἐπιφανείας 0.182 Χ 0.084. Χρῶμα κυριαρχοῦν μέλαν. Εἰκὼν: ἀνάκτορα.

Ὀπισθόψεως: Διαστάσεις 0.173 Χ 0.075. Χρώματα: ἀνοικτὸν κυανοῦν. Εἰκών: Ἀρχαῖον Θέατρον. Ἄνω: ὁ τίτλος τῆς Τραπέζης.

Ἐν Ἀθήναις τῇ 19ῃ Σεπτεμβρίου 1925

ΑΚΤΙΝΟΘΕΡΑΠΕΙΑ

Τὰ ἰνομυώματα τῆς μήτρας καὶ αἱ αἱμορραγίαι θεραπεύονται διὰ τῶν ἀκτίνων Ραίντγκεν.

Οἱ ἀδένες τοῦ λαιμοῦ (χοιράδες) θεραπεύονται ἄνευ ἐγχειρήσεως.

ΧΡ. ΟΙΚΟΝΟΜΟΥ Χαλκοκονδύλη 5α
